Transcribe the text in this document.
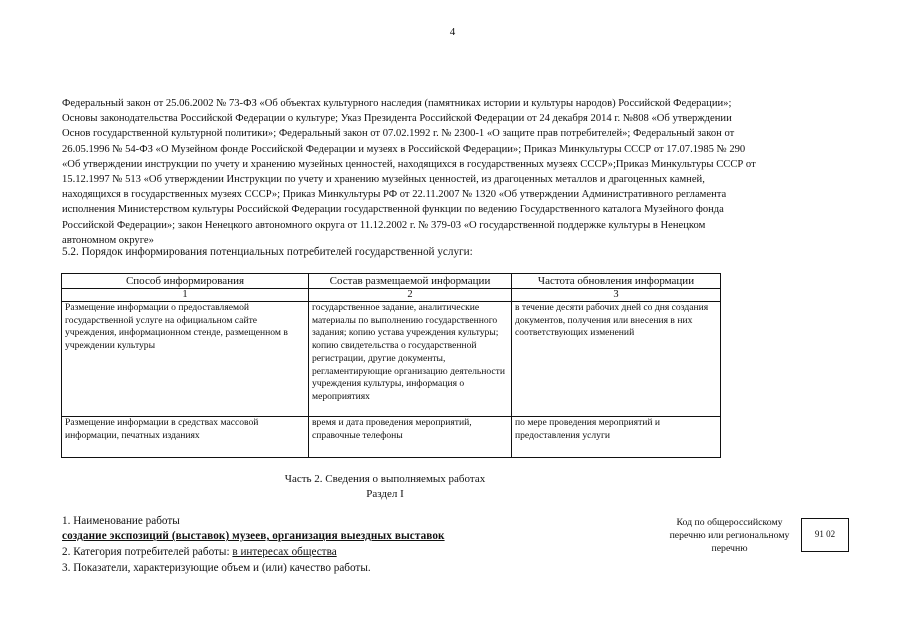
4
Федеральный закон от 25.06.2002 № 73-ФЗ «Об объектах культурного наследия (памятниках истории и культуры народов) Российской Федерации»;
Основы законодательства Российской Федерации о культуре; Указ Президента Российской Федерации от 24 декабря 2014 г. №808 «Об утверждении
Основ государственной культурной политики»; Федеральный закон от 07.02.1992 г. № 2300-1 «О защите прав потребителей»; Федеральный закон от
26.05.1996 № 54-ФЗ «О Музейном фонде Российской Федерации и музеях в Российской Федерации»; Приказ Минкультуры СССР от 17.07.1985 № 290
«Об утверждении инструкции по учету и хранению музейных ценностей, находящихся в государственных музеях СССР»;Приказ Минкультуры СССР от
15.12.1997 № 513 «Об утверждении Инструкции по учету и хранению музейных ценностей, из драгоценных металлов и драгоценных камней,
находящихся в государственных музеях СССР»; Приказ Минкультуры РФ от 22.11.2007 № 1320 «Об утверждении Административного регламента
исполнения Министерством культуры Российской Федерации государственной функции по ведению Государственного каталога Музейного фонда
Российской Федерации»; закон Ненецкого автономного округа от 11.12.2002 г. № 379-03 «О государственной поддержке культуры в Ненецком
автономном округе»
5.2. Порядок информирования потенциальных потребителей государственной услуги:
Способ информирования	Состав размещаемой информации	Частота обновления информации
1	2	3
Размещение информации о предоставляемой государственной услуге на официальном сайте учреждения, информационном стенде, размещенном в учреждении культуры	государственное задание, аналитические материалы по выполнению государственного задания; копию устава учреждения культуры; копию свидетельства о государственной регистрации, другие документы, регламентирующие организацию деятельности учреждения культуры, информация о мероприятиях	в течение десяти рабочих дней со дня создания документов, получения или внесения в них соответствующих изменений
Размещение информации в средствах массовой информации, печатных изданиях	время и дата проведения мероприятий, справочные телефоны	по мере проведения мероприятий и предоставления услуги
Часть 2. Сведения о выполняемых работах
Раздел I
1. Наименование работы
создание экспозиций (выставок) музеев, организация выездных выставок
2. Категория потребителей работы: в интересах общества
3. Показатели, характеризующие объем и (или) качество работы.
Код по общероссийскому
перечню или региональному
перечню
91 02
